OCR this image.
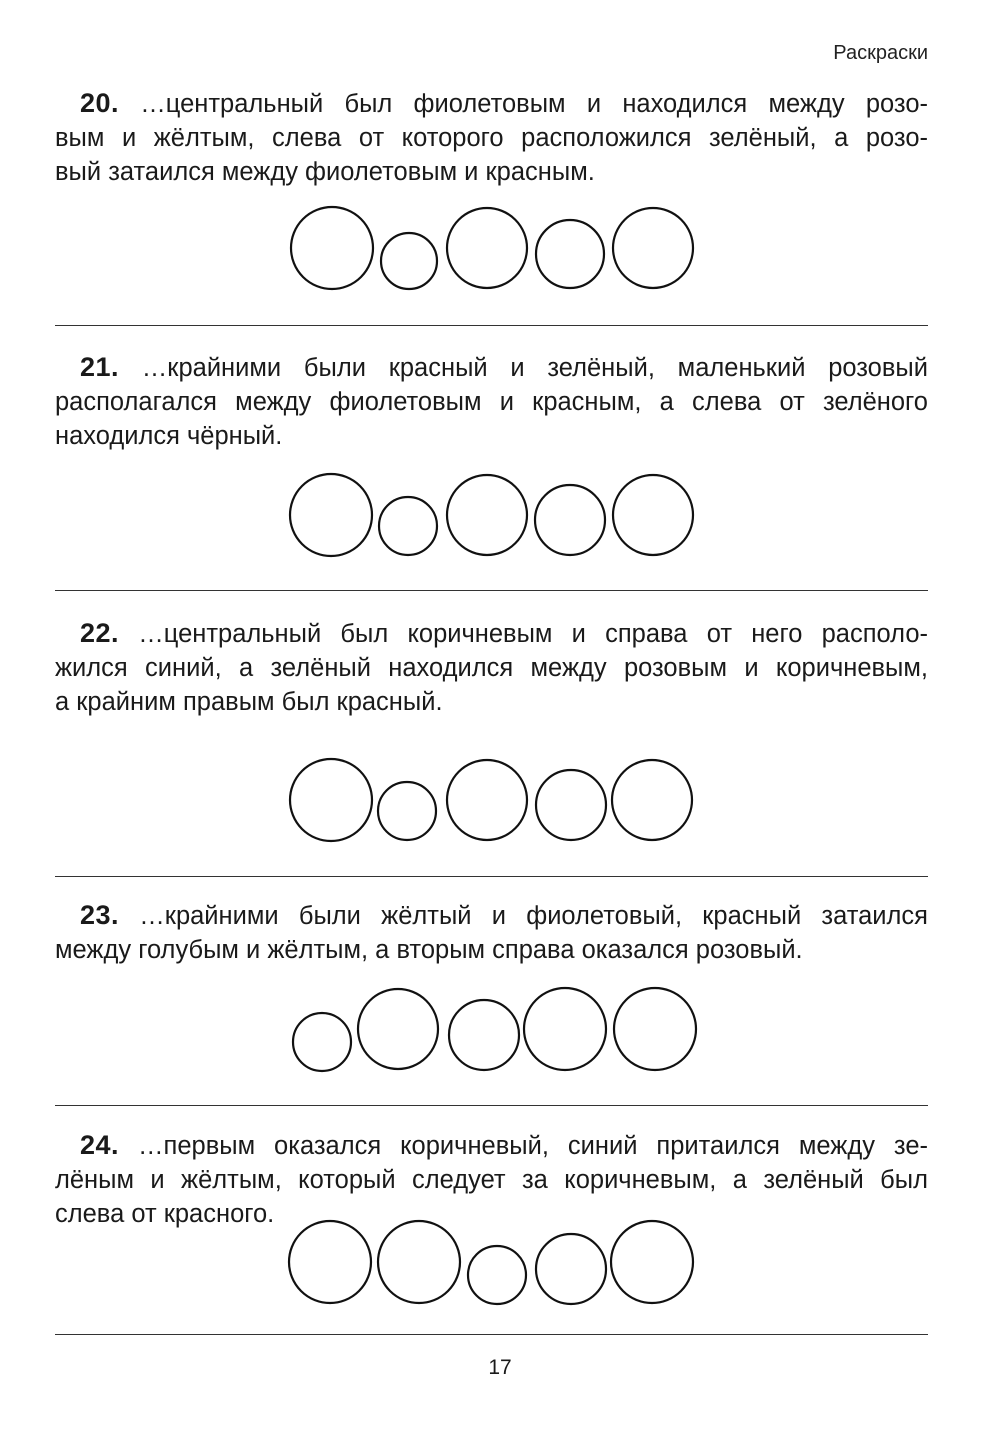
Раскраски
20. …центральный был фиолетовым и находился между розо-
вым и жёлтым, слева от которого расположился зелёный, а розо-
вый затаился между фиолетовым и красным.
21. …крайними были красный и зелёный, маленький розовый
располагался между фиолетовым и красным, а слева от зелёного
находился чёрный.
22. …центральный был коричневым и справа от него располо-
жился синий, а зелёный находился между розовым и коричневым,
а крайним правым был красный.
23. …крайними были жёлтый и фиолетовый, красный затаился
между голубым и жёлтым, а вторым справа оказался розовый.
24. …первым оказался коричневый, синий притаился между зе-
лёным и жёлтым, который следует за коричневым, а зелёный был
слева от красного.
17
